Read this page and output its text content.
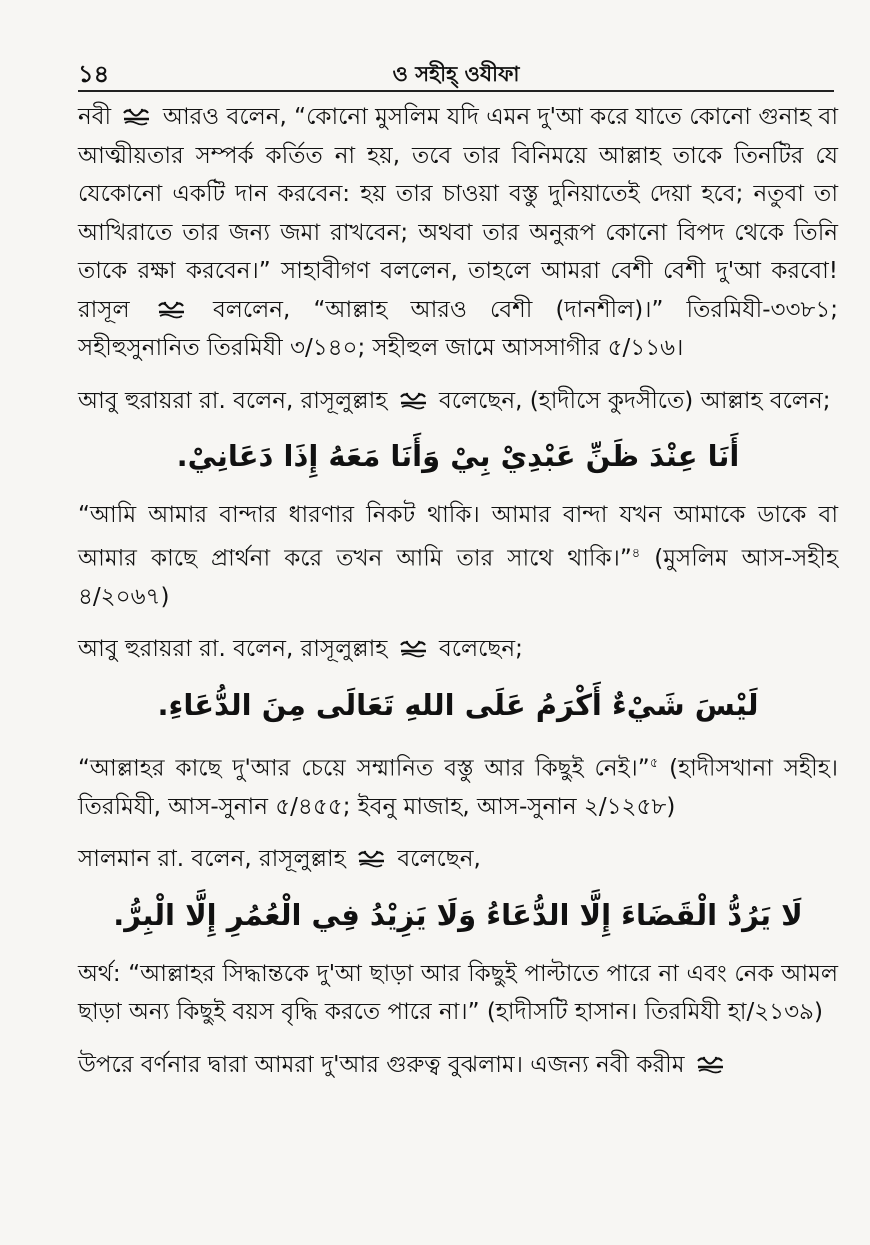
১৪	ও সহীহ্ ওযীফা

নবী আরও বলেন, “কোনো মুসলিম যদি এমন দু'আ করে যাতে কোনো গুনাহ বা আত্মীয়তার সম্পর্ক কর্তিত না হয়, তবে তার বিনিময়ে আল্লাহ তাকে তিনটির যে যেকোনো একটি দান করবেন: হয় তার চাওয়া বস্তু দুনিয়াতেই দেয়া হবে; নতুবা তা আখিরাতে তার জন্য জমা রাখবেন; অথবা তার অনুরূপ কোনো বিপদ থেকে তিনি তাকে রক্ষা করবেন।” সাহাবীগণ বললেন, তাহলে আমরা বেশী বেশী দু'আ করবো! রাসূল	বললেন, “আল্লাহ আরও বেশী (দানশীল)।” তিরমিযী-৩৩৮১; সহীহুসুনানিত তিরমিযী ৩/১৪০; সহীহুল জামে আসসাগীর ৫/১১৬।

আবু হুরায়রা রা. বলেন, রাসূলুল্লাহ বলেছেন, (হাদীসে কুদসীতে) আল্লাহ বলেন;

أَنَا عِنْدَ ظَنِّ عَبْدِيْ بِيْ وَأَنَا مَعَهُ إِذَا دَعَانِيْ.

“আমি আমার বান্দার ধারণার নিকট থাকি। আমার বান্দা যখন আমাকে ডাকে বা আমার কাছে প্রার্থনা করে তখন আমি তার সাথে থাকি।”$^৪$ (মুসলিম আস-সহীহ ৪/২০৬৭)

আবু হুরায়রা রা. বলেন, রাসূলুল্লাহ বলেছেন;

لَيْسَ شَيْءٌ أَكْرَمُ عَلَى اللهِ تَعَالَى مِنَ الدُّعَاءِ.

“আল্লাহর কাছে দু'আর চেয়ে সম্মানিত বস্তু আর কিছুই নেই।”$^৫$ (হাদীসখানা সহীহ। তিরমিযী, আস-সুনান ৫/৪৫৫; ইবনু মাজাহ, আস-সুনান ২/১২৫৮)

সালমান রা. বলেন, রাসূলুল্লাহ বলেছেন,

لَا يَرُدُّ الْقَضَاءَ إِلَّا الدُّعَاءُ وَلَا يَزِيْدُ فِي الْعُمُرِ إِلَّا الْبِرُّ.

অর্থ: “আল্লাহর সিদ্ধান্তকে দু'আ ছাড়া আর কিছুই পাল্টাতে পারে না এবং নেক আমল ছাড়া অন্য কিছুই বয়স বৃদ্ধি করতে পারে না।” (হাদীসটি হাসান। তিরমিযী হা/২১৩৯)

উপরে বর্ণনার দ্বারা আমরা দু'আর গুরুত্ব বুঝলাম। এজন্য নবী করীম
